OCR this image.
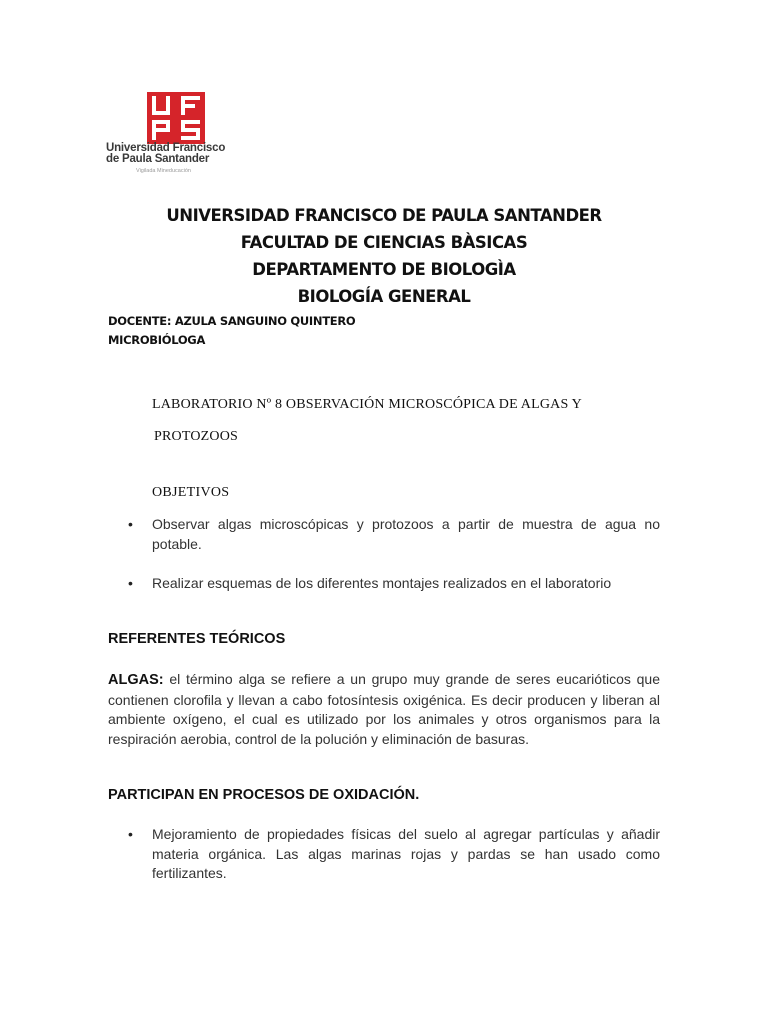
Universidad Francisco
de Paula Santander
Vigilada Mineducación
UNIVERSIDAD FRANCISCO DE PAULA SANTANDER
FACULTAD DE CIENCIAS BÀSICAS
DEPARTAMENTO DE BIOLOGÌA
BIOLOGÍA GENERAL
DOCENTE: AZULA SANGUINO QUINTERO
MICROBIÓLOGA
LABORATORIO Nº 8 OBSERVACIÓN MICROSCÓPICA DE ALGAS Y
PROTOZOOS
OBJETIVOS
• Observar algas microscópicas y protozoos a partir de muestra de agua no potable.
• Realizar esquemas de los diferentes montajes realizados en el laboratorio
REFERENTES TEÓRICOS
ALGAS: el término alga se refiere a un grupo muy grande de seres eucarióticos que contienen clorofila y llevan a cabo fotosíntesis oxigénica. Es decir producen y liberan al ambiente oxígeno, el cual es utilizado por los animales y otros organismos para la respiración aerobia, control de la polución y eliminación de basuras.
PARTICIPAN EN PROCESOS DE OXIDACIÓN.
• Mejoramiento de propiedades físicas del suelo al agregar partículas y añadir materia orgánica. Las algas marinas rojas y pardas se han usado como fertilizantes.
